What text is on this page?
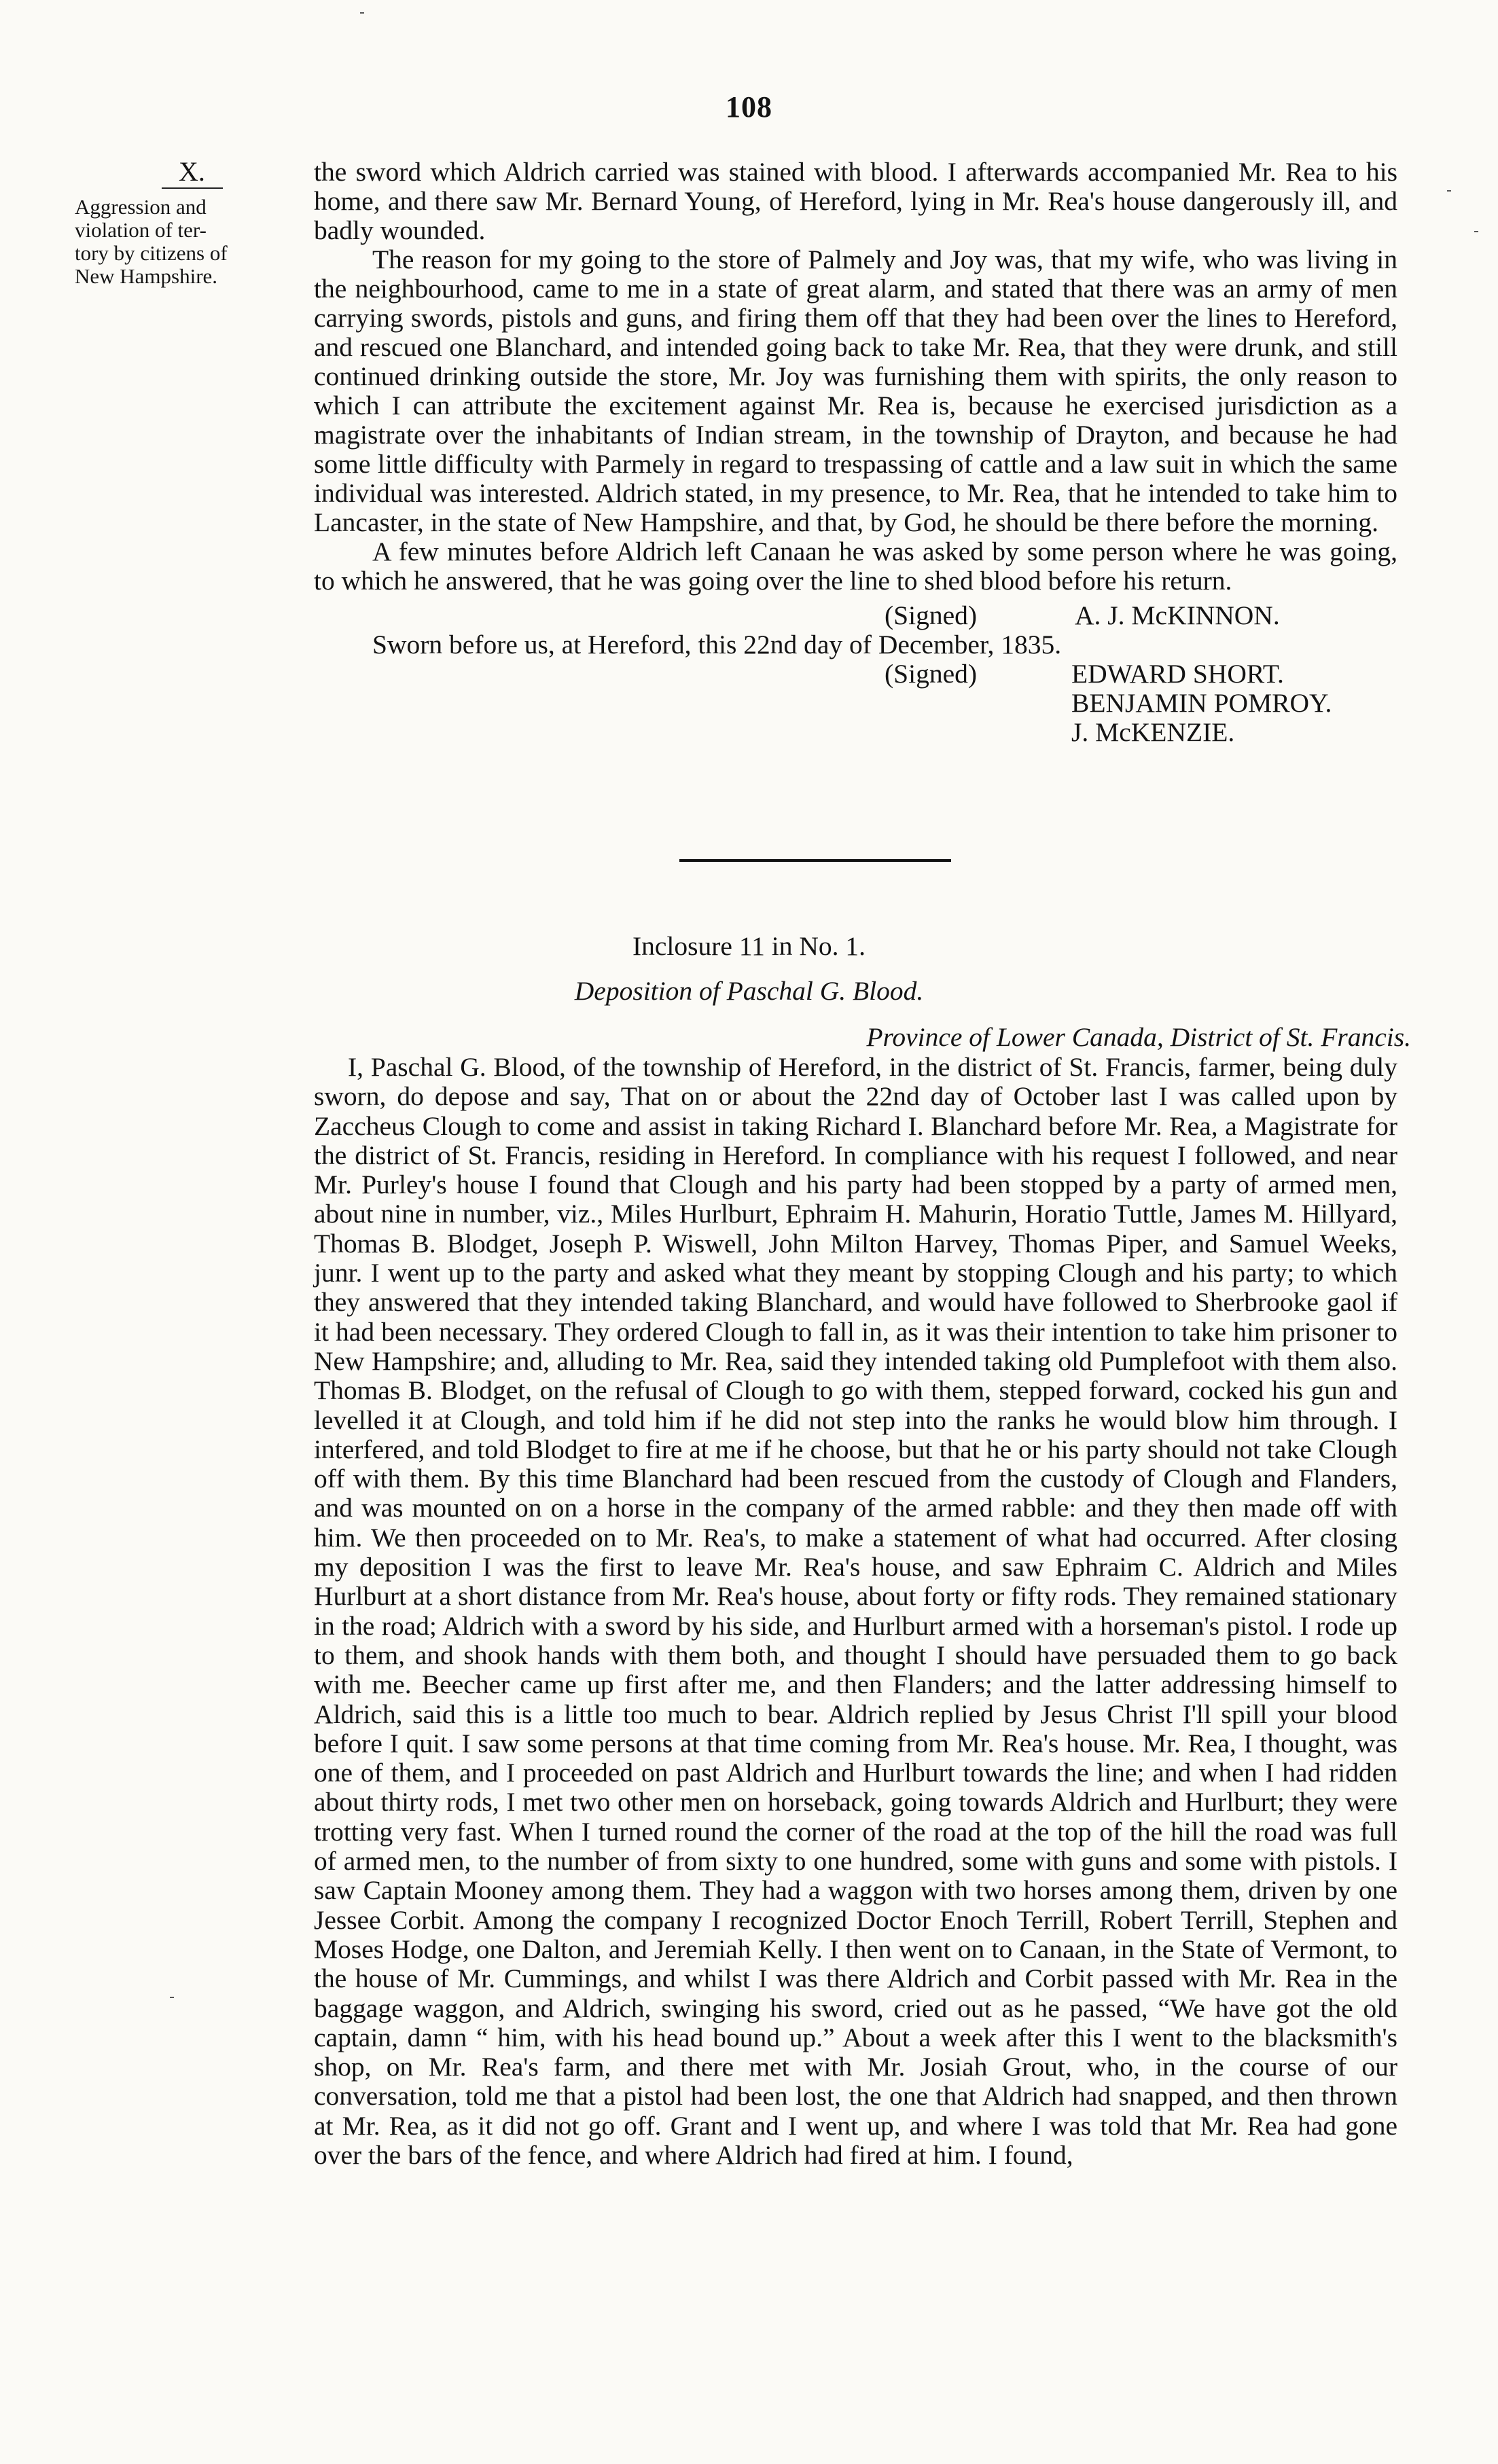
108
X.
Aggression and
violation of ter-
tory by citizens of
New Hampshire.

the sword which Aldrich carried was stained with blood. I afterwards accompanied Mr. Rea to his home, and there saw Mr. Bernard Young, of Hereford, lying in Mr. Rea's house dangerously ill, and badly wounded.

The reason for my going to the store of Palmely and Joy was, that my wife, who was living in the neighbourhood, came to me in a state of great alarm, and stated that there was an army of men carrying swords, pistols and guns, and firing them off that they had been over the lines to Hereford, and rescued one Blanchard, and intended going back to take Mr. Rea, that they were drunk, and still continued drinking outside the store, Mr. Joy was furnishing them with spirits, the only reason to which I can attribute the excitement against Mr. Rea is, because he exercised jurisdiction as a magistrate over the inhabitants of Indian stream, in the township of Drayton, and because he had some little difficulty with Parmely in regard to trespassing of cattle and a law suit in which the same individual was interested. Aldrich stated, in my presence, to Mr. Rea, that he intended to take him to Lancaster, in the state of New Hampshire, and that, by God, he should be there before the morning.

A few minutes before Aldrich left Canaan he was asked by some person where he was going, to which he answered, that he was going over the line to shed blood before his return.

(Signed)	A. J. McKINNON.

Sworn before us, at Hereford, this 22nd day of December, 1835.

(Signed)	EDWARD SHORT.
BENJAMIN POMROY.
J. McKENZIE.
Inclosure 11 in No. 1.
Deposition of Paschal G. Blood.
Province of Lower Canada, District of St. Francis.

I, Paschal G. Blood, of the township of Hereford, in the district of St. Francis, farmer, being duly sworn, do depose and say, That on or about the 22nd day of October last I was called upon by Zaccheus Clough to come and assist in taking Richard I. Blanchard before Mr. Rea, a Magistrate for the district of St. Francis, residing in Hereford. In compliance with his request I followed, and near Mr. Purley's house I found that Clough and his party had been stopped by a party of armed men, about nine in number, viz., Miles Hurlburt, Ephraim H. Mahurin, Horatio Tuttle, James M. Hillyard, Thomas B. Blodget, Joseph P. Wiswell, John Milton Harvey, Thomas Piper, and Samuel Weeks, junr. I went up to the party and asked what they meant by stopping Clough and his party; to which they answered that they intended taking Blanchard, and would have followed to Sherbrooke gaol if it had been necessary. They ordered Clough to fall in, as it was their intention to take him prisoner to New Hampshire; and, alluding to Mr. Rea, said they intended taking old Pumplefoot with them also. Thomas B. Blodget, on the refusal of Clough to go with them, stepped forward, cocked his gun and levelled it at Clough, and told him if he did not step into the ranks he would blow him through. I interfered, and told Blodget to fire at me if he choose, but that he or his party should not take Clough off with them. By this time Blanchard had been rescued from the custody of Clough and Flanders, and was mounted on on a horse in the company of the armed rabble: and they then made off with him. We then proceeded on to Mr. Rea's, to make a statement of what had occurred. After closing my deposition I was the first to leave Mr. Rea's house, and saw Ephraim C. Aldrich and Miles Hurlburt at a short distance from Mr. Rea's house, about forty or fifty rods. They remained stationary in the road; Aldrich with a sword by his side, and Hurlburt armed with a horseman's pistol. I rode up to them, and shook hands with them both, and thought I should have persuaded them to go back with me. Beecher came up first after me, and then Flanders; and the latter addressing himself to Aldrich, said this is a little too much to bear. Aldrich replied by Jesus Christ I'll spill your blood before I quit. I saw some persons at that time coming from Mr. Rea's house. Mr. Rea, I thought, was one of them, and I proceeded on past Aldrich and Hurlburt towards the line; and when I had ridden about thirty rods, I met two other men on horseback, going towards Aldrich and Hurlburt; they were trotting very fast. When I turned round the corner of the road at the top of the hill the road was full of armed men, to the number of from sixty to one hundred, some with guns and some with pistols. I saw Captain Mooney among them. They had a waggon with two horses among them, driven by one Jessee Corbit. Among the company I recognized Doctor Enoch Terrill, Robert Terrill, Stephen and Moses Hodge, one Dalton, and Jeremiah Kelly. I then went on to Canaan, in the State of Vermont, to the house of Mr. Cummings, and whilst I was there Aldrich and Corbit passed with Mr. Rea in the baggage waggon, and Aldrich, swinging his sword, cried out as he passed, “We have got the old captain, damn “ him, with his head bound up.” About a week after this I went to the blacksmith's shop, on Mr. Rea's farm, and there met with Mr. Josiah Grout, who, in the course of our conversation, told me that a pistol had been lost, the one that Aldrich had snapped, and then thrown at Mr. Rea, as it did not go off. Grant and I went up, and where I was told that Mr. Rea had gone over the bars of the fence, and where Aldrich had fired at him. I found,
